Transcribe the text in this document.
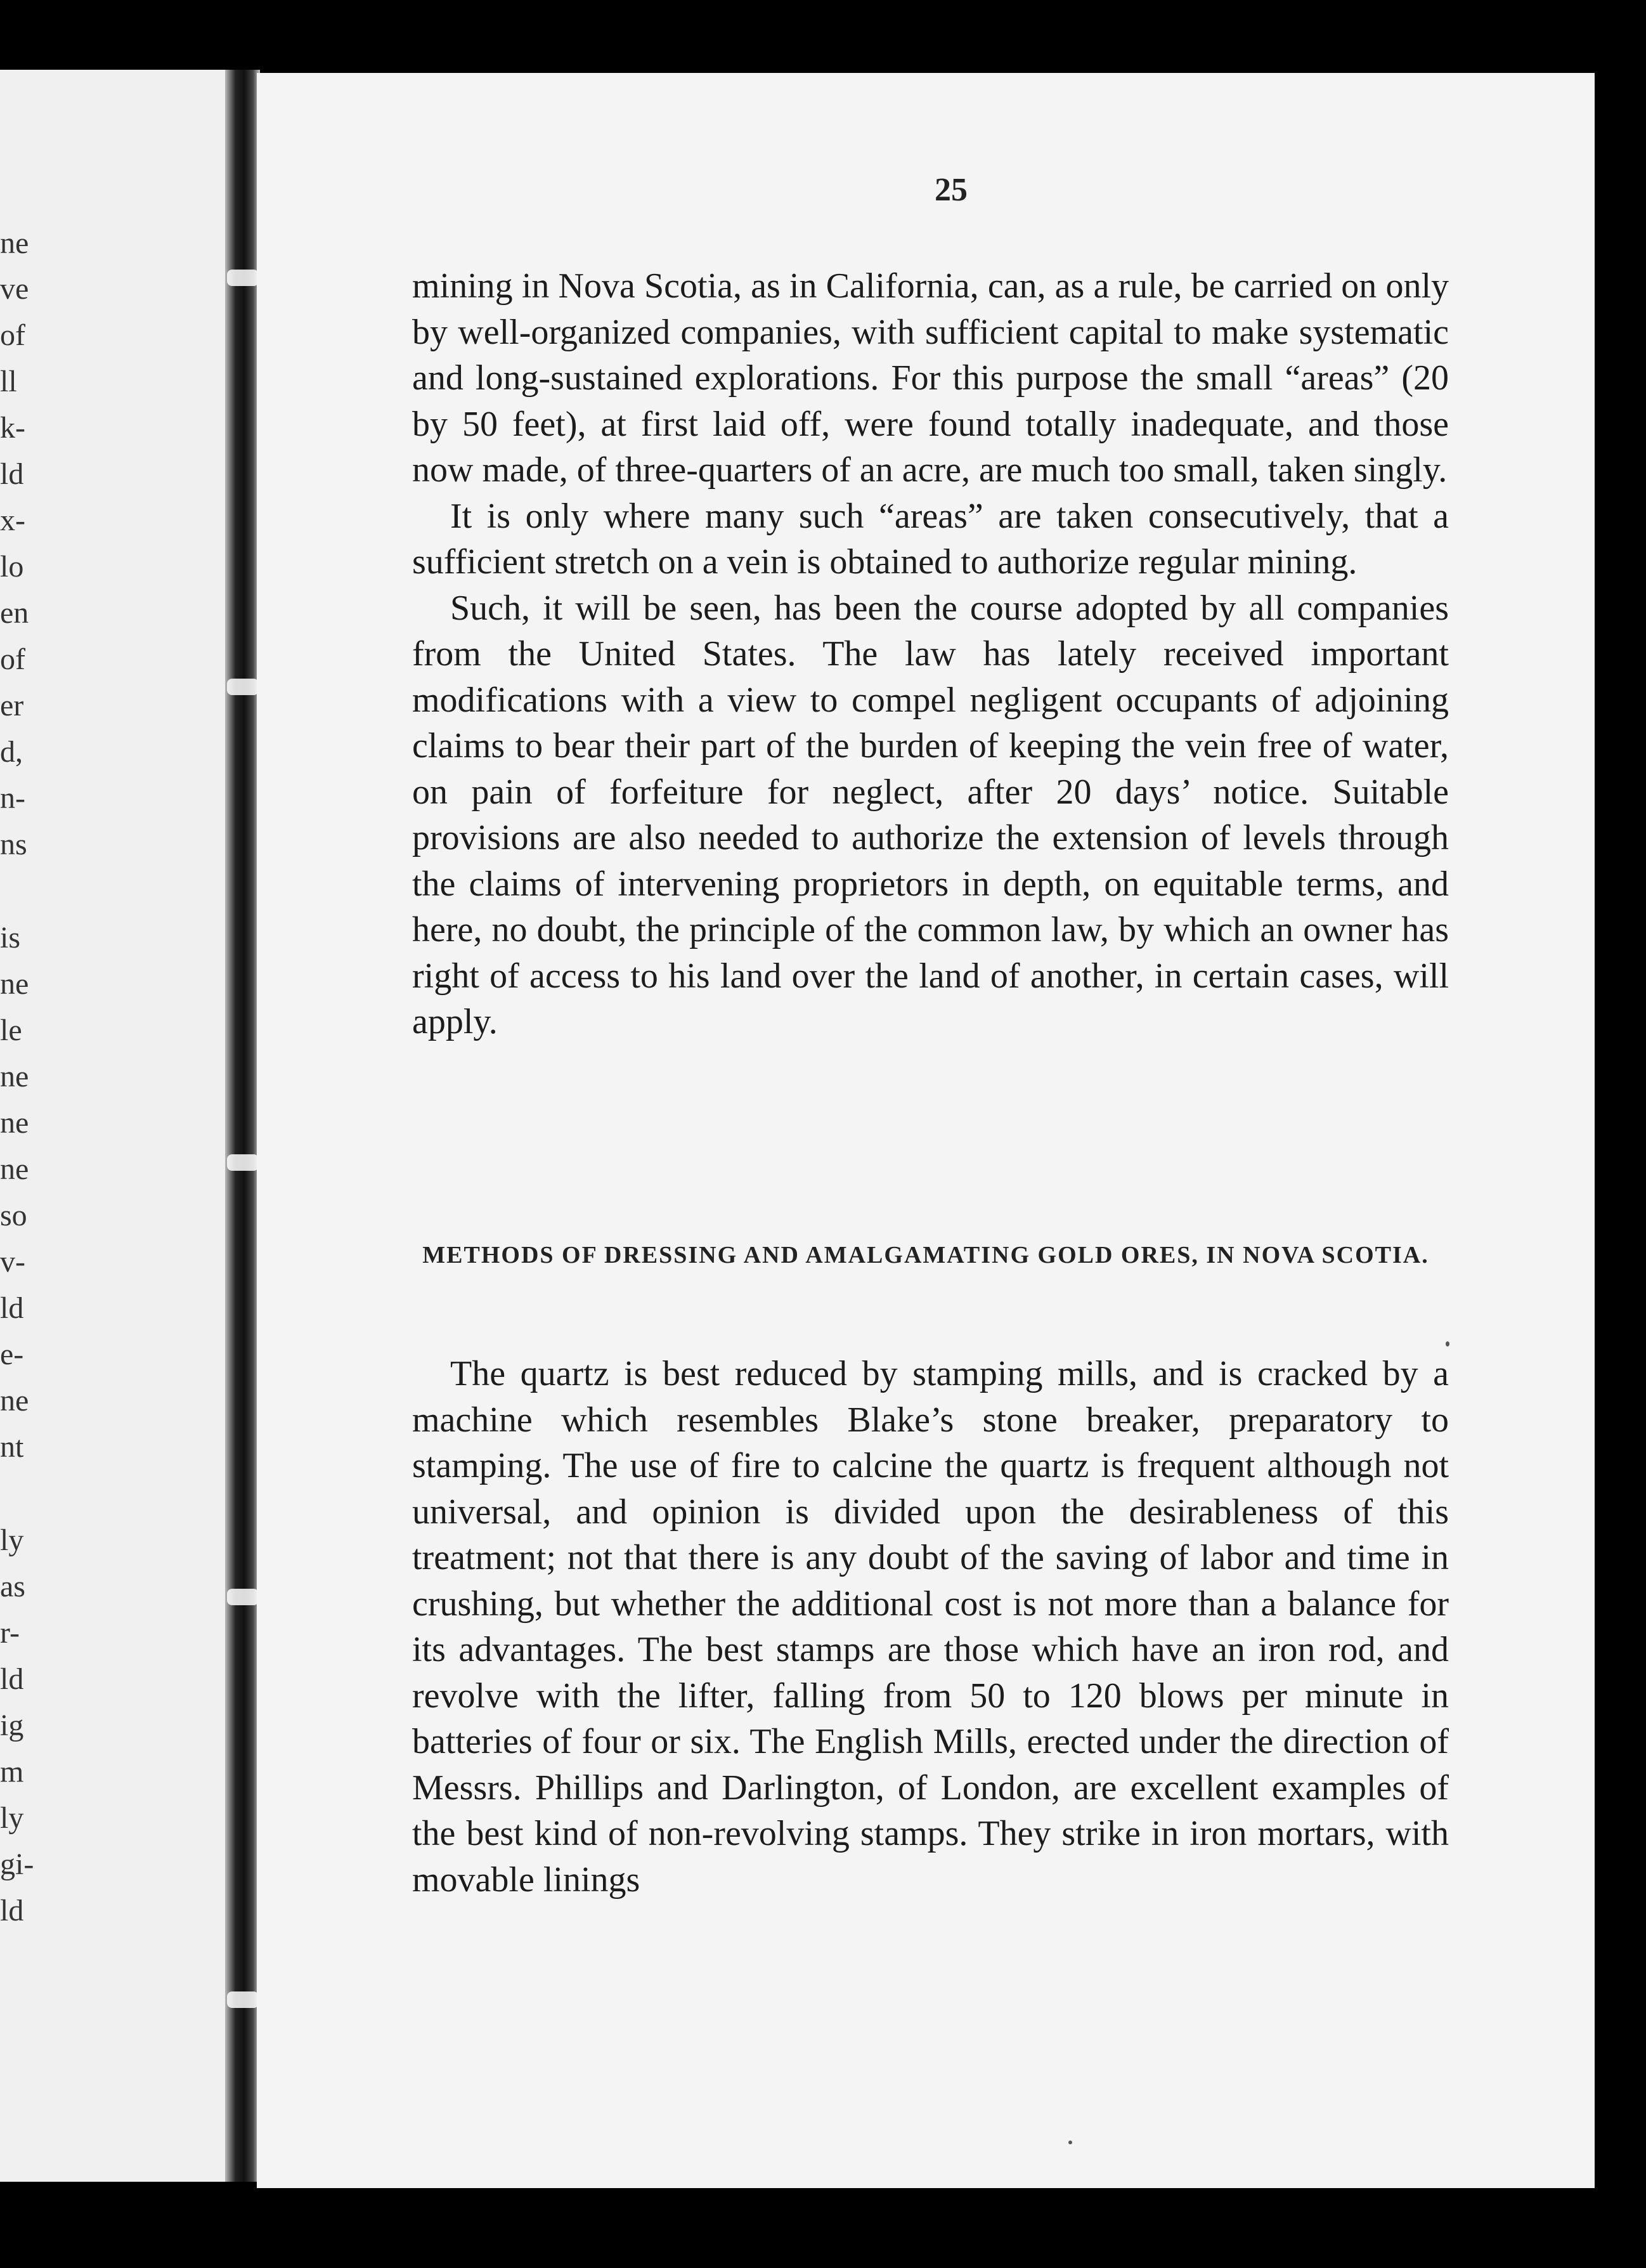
ne
ve
of
ll
k-
ld
x-
lo
en
of
er
d,
n-
ns
is
ne
le
ne
ne
ne
so
v-
ld
e-
ne
nt
ly
as
r-
ld
ig
m
ly
gi-
ld
25

mining in Nova Scotia, as in California, can, as a rule, be carried on only by well-organized companies, with sufficient capital to make systematic and long-sustained explorations. For this purpose the small “areas” (20 by 50 feet), at first laid off, were found totally inadequate, and those now made, of three-quarters of an acre, are much too small, taken singly.

It is only where many such “areas” are taken consecutively, that a sufficient stretch on a vein is obtained to authorize regular mining.

Such, it will be seen, has been the course adopted by all companies from the United States. The law has lately received important modifications with a view to compel negligent occupants of adjoining claims to bear their part of the burden of keeping the vein free of water, on pain of forfeiture for neglect, after 20 days’ notice. Suitable provisions are also needed to authorize the extension of levels through the claims of intervening proprietors in depth, on equitable terms, and here, no doubt, the principle of the common law, by which an owner has right of access to his land over the land of another, in certain cases, will apply.

METHODS OF DRESSING AND AMALGAMATING GOLD ORES, IN NOVA SCOTIA.

The quartz is best reduced by stamping mills, and is cracked by a machine which resembles Blake’s stone breaker, preparatory to stamping. The use of fire to calcine the quartz is frequent although not universal, and opinion is divided upon the desirableness of this treatment; not that there is any doubt of the saving of labor and time in crushing, but whether the additional cost is not more than a balance for its advantages. The best stamps are those which have an iron rod, and revolve with the lifter, falling from 50 to 120 blows per minute in batteries of four or six. The English Mills, erected under the direction of Messrs. Phillips and Darlington, of London, are excellent examples of the best kind of non-revolving stamps. They strike in iron mortars, with movable linings
